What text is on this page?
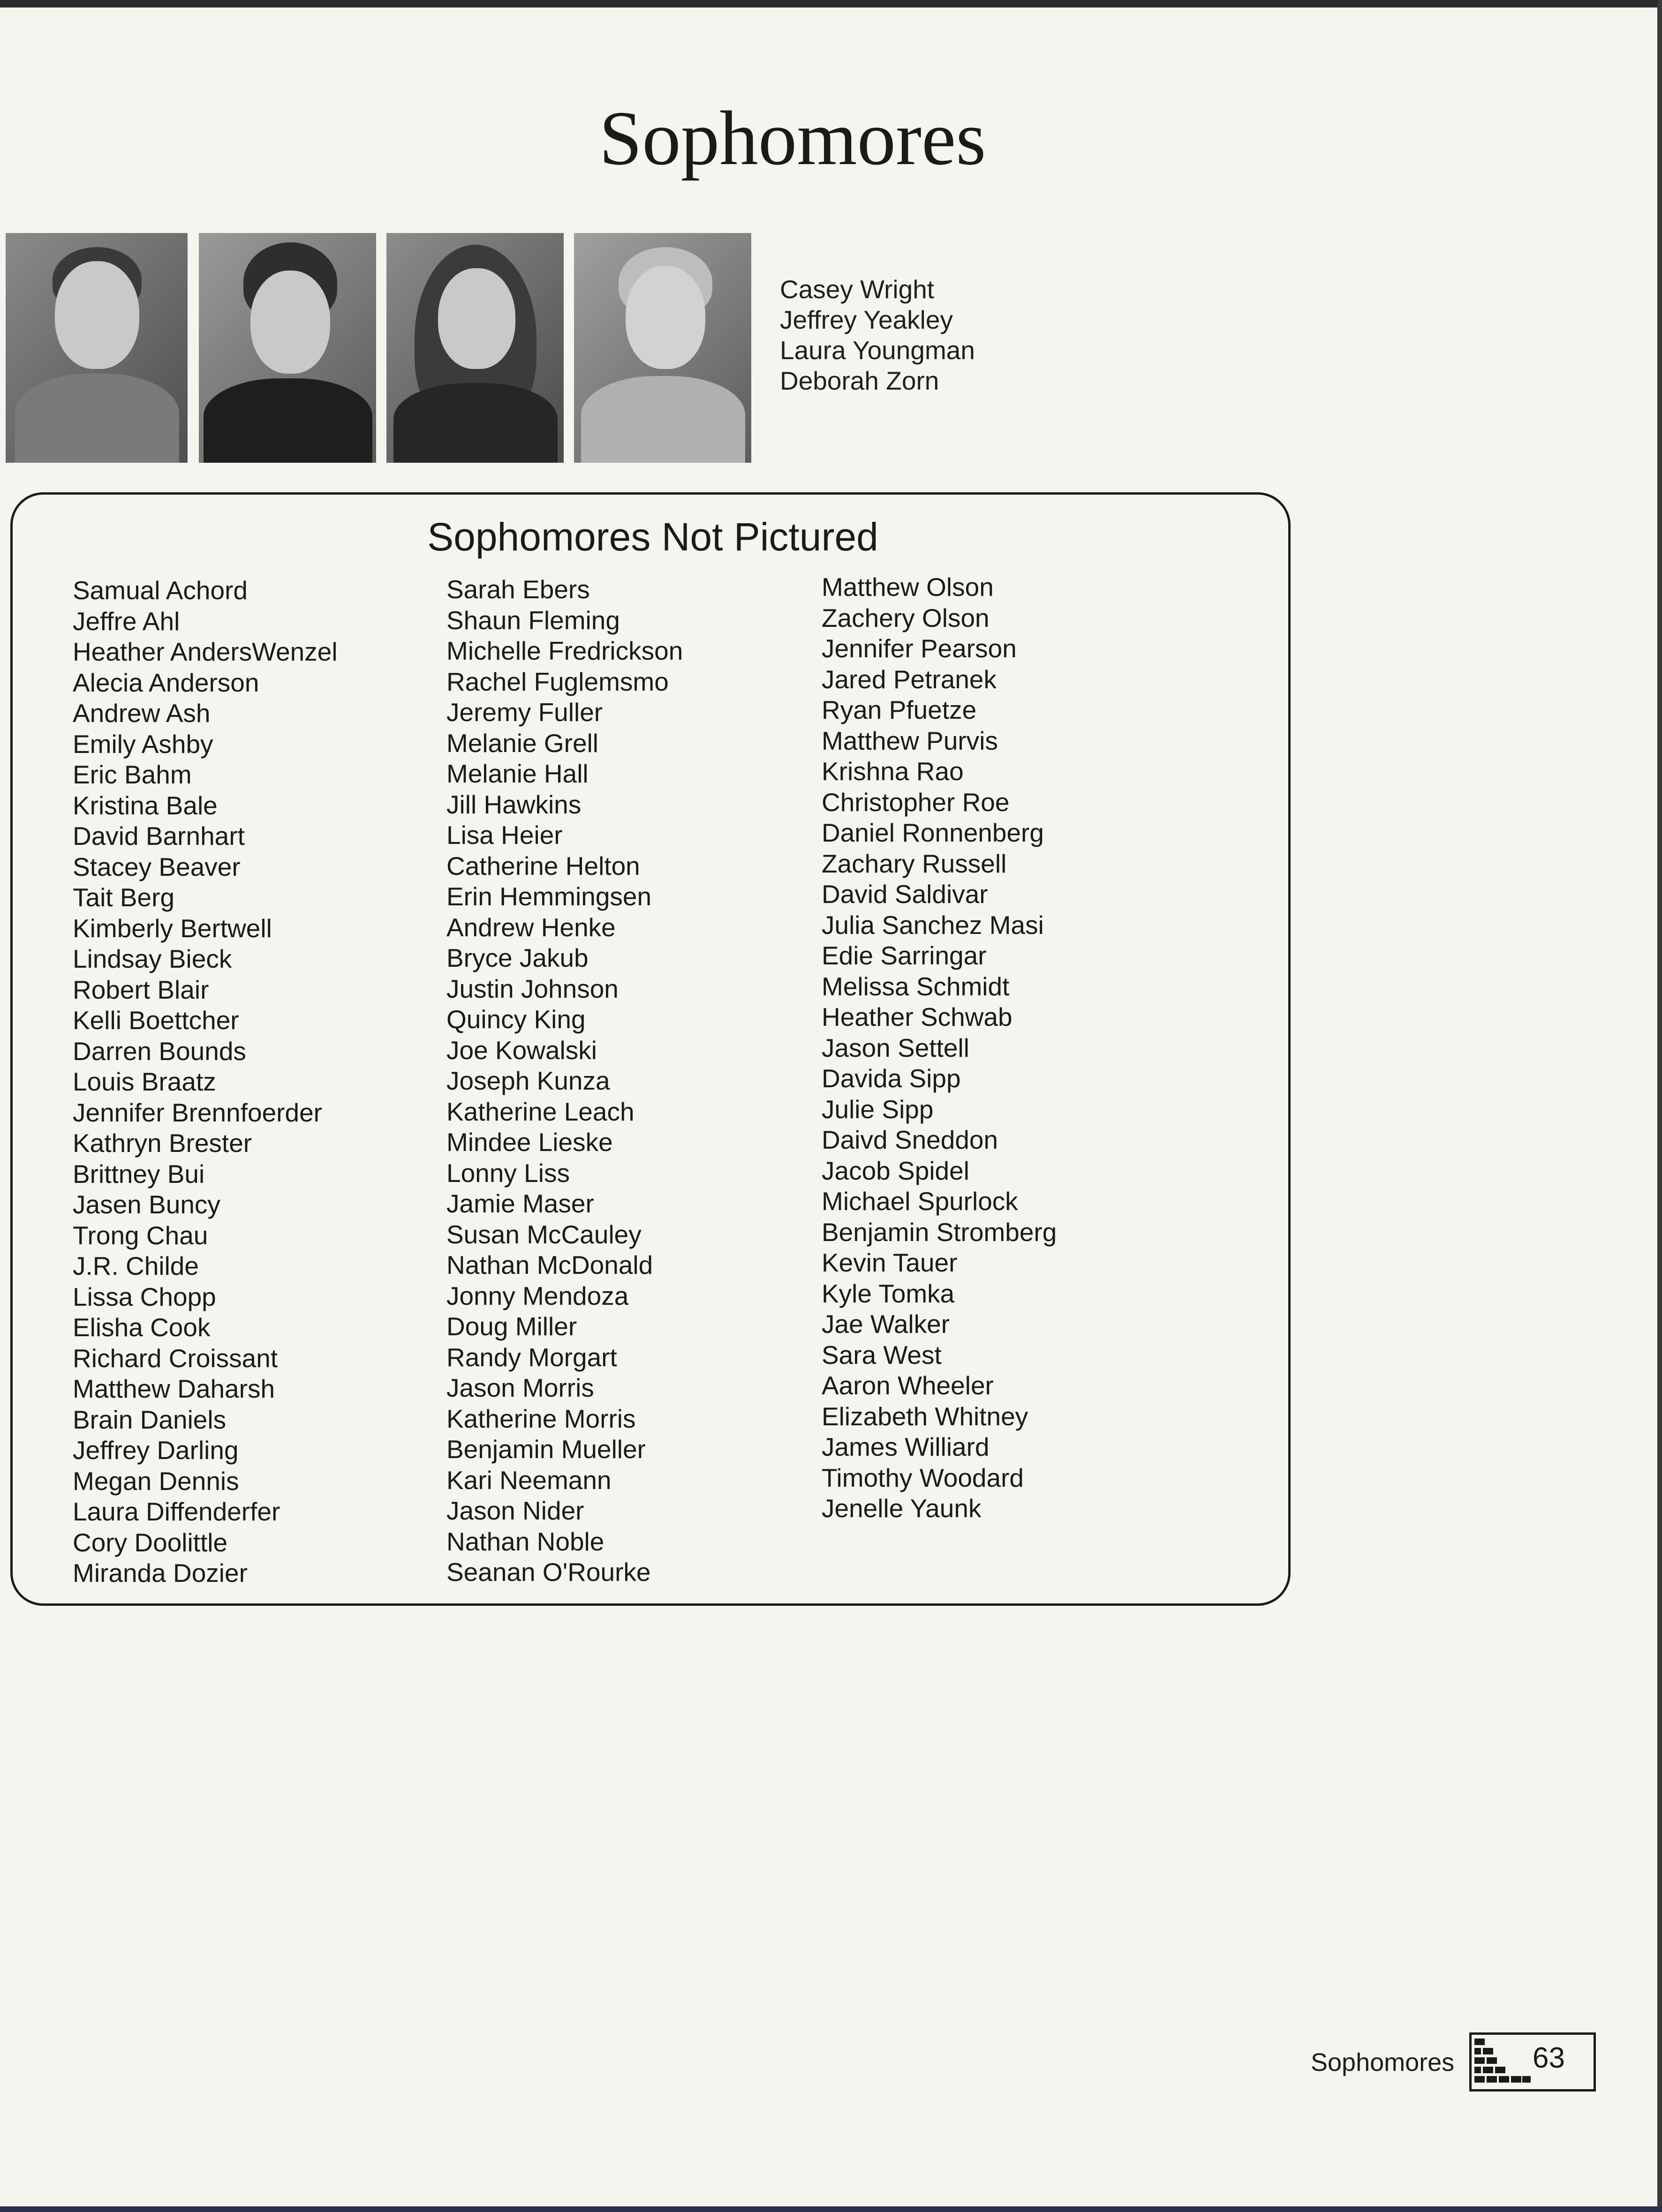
Sophomores
Casey Wright
Jeffrey Yeakley
Laura Youngman
Deborah Zorn
Sophomores Not Pictured
Samual Achord
Jeffre Ahl
Heather AndersWenzel
Alecia Anderson
Andrew Ash
Emily Ashby
Eric Bahm
Kristina Bale
David Barnhart
Stacey Beaver
Tait Berg
Kimberly Bertwell
Lindsay Bieck
Robert Blair
Kelli Boettcher
Darren Bounds
Louis Braatz
Jennifer Brennfoerder
Kathryn Brester
Brittney Bui
Jasen Buncy
Trong Chau
J.R. Childe
Lissa Chopp
Elisha Cook
Richard Croissant
Matthew Daharsh
Brain Daniels
Jeffrey Darling
Megan Dennis
Laura Diffenderfer
Cory Doolittle
Miranda Dozier
Sarah Ebers
Shaun Fleming
Michelle Fredrickson
Rachel Fuglemsmo
Jeremy Fuller
Melanie Grell
Melanie Hall
Jill Hawkins
Lisa Heier
Catherine Helton
Erin Hemmingsen
Andrew Henke
Bryce Jakub
Justin Johnson
Quincy King
Joe Kowalski
Joseph Kunza
Katherine Leach
Mindee Lieske
Lonny Liss
Jamie Maser
Susan McCauley
Nathan McDonald
Jonny Mendoza
Doug Miller
Randy Morgart
Jason Morris
Katherine Morris
Benjamin Mueller
Kari Neemann
Jason Nider
Nathan Noble
Seanan O'Rourke
Matthew Olson
Zachery Olson
Jennifer Pearson
Jared Petranek
Ryan Pfuetze
Matthew Purvis
Krishna Rao
Christopher Roe
Daniel Ronnenberg
Zachary Russell
David Saldivar
Julia Sanchez Masi
Edie Sarringar
Melissa Schmidt
Heather Schwab
Jason Settell
Davida Sipp
Julie Sipp
Daivd Sneddon
Jacob Spidel
Michael Spurlock
Benjamin Stromberg
Kevin Tauer
Kyle Tomka
Jae Walker
Sara West
Aaron Wheeler
Elizabeth Whitney
James Williard
Timothy Woodard
Jenelle Yaunk
Sophomores	63
